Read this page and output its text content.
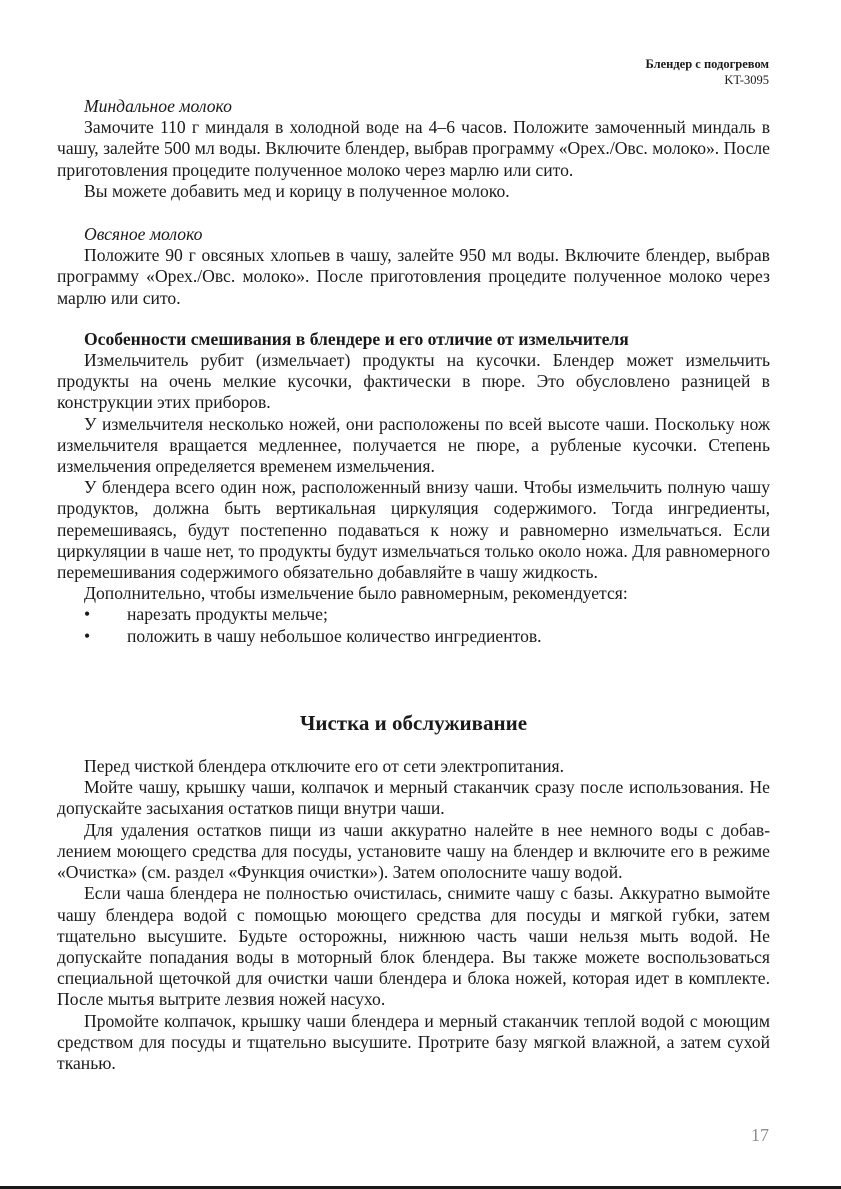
Блендер с подогревом
KT-3095
Миндальное молоко

Замочите 110 г миндаля в холодной воде на 4–6 часов. Положите замоченный миндаль в чашу, залейте 500 мл воды. Включите блендер, выбрав программу «Орех./Овс. молоко». После приготовления процедите полученное молоко через марлю или сито.

Вы можете добавить мед и корицу в полученное молоко.

Овсяное молоко

Положите 90 г овсяных хлопьев в чашу, залейте 950 мл воды. Включите блендер, выбрав программу «Орех./Овс. молоко». После приготовления процедите полученное молоко через марлю или сито.

Особенности смешивания в блендере и его отличие от измельчителя

Измельчитель рубит (измельчает) продукты на кусочки. Блендер может измельчить продукты на очень мелкие кусочки, фактически в пюре. Это обусловлено разницей в конструкции этих приборов.

У измельчителя несколько ножей, они расположены по всей высоте чаши. Поскольку нож измельчителя вращается медленнее, получается не пюре, а рубленые кусочки. Степень измельчения определяется временем измельчения.

У блендера всего один нож, расположенный внизу чаши. Чтобы измельчить полную чашу продуктов, должна быть вертикальная циркуляция содержимого. Тогда ингредиенты, перемешиваясь, будут постепенно подаваться к ножу и равномерно измельчаться. Если циркуляции в чаше нет, то продукты будут измельчаться только около ножа. Для равномерного перемешивания содержимого обязательно добавляйте в чашу жидкость.

Дополнительно, чтобы измельчение было равномерным, рекомендуется:

• нарезать продукты мельче;
• положить в чашу небольшое количество ингредиентов.
Чистка и обслуживание

Перед чисткой блендера отключите его от сети электропитания.

Мойте чашу, крышку чаши, колпачок и мерный стаканчик сразу после использования. Не допускайте засыхания остатков пищи внутри чаши.

Для удаления остатков пищи из чаши аккуратно налейте в нее немного воды с добавлением моющего средства для посуды, установите чашу на блендер и включите его в режиме «Очистка» (см. раздел «Функция очистки»). Затем ополосните чашу водой.

Если чаша блендера не полностью очистилась, снимите чашу с базы. Аккуратно вымойте чашу блендера водой с помощью моющего средства для посуды и мягкой губки, затем тщательно высушите. Будьте осторожны, нижнюю часть чаши нельзя мыть водой. Не допускайте попадания воды в моторный блок блендера. Вы также можете воспользоваться специальной щеточкой для очистки чаши блендера и блока ножей, которая идет в комплекте. После мытья вытрите лезвия ножей насухо.

Промойте колпачок, крышку чаши блендера и мерный стаканчик теплой водой с моющим средством для посуды и тщательно высушите. Протрите базу мягкой влажной, а затем сухой тканью.

17
